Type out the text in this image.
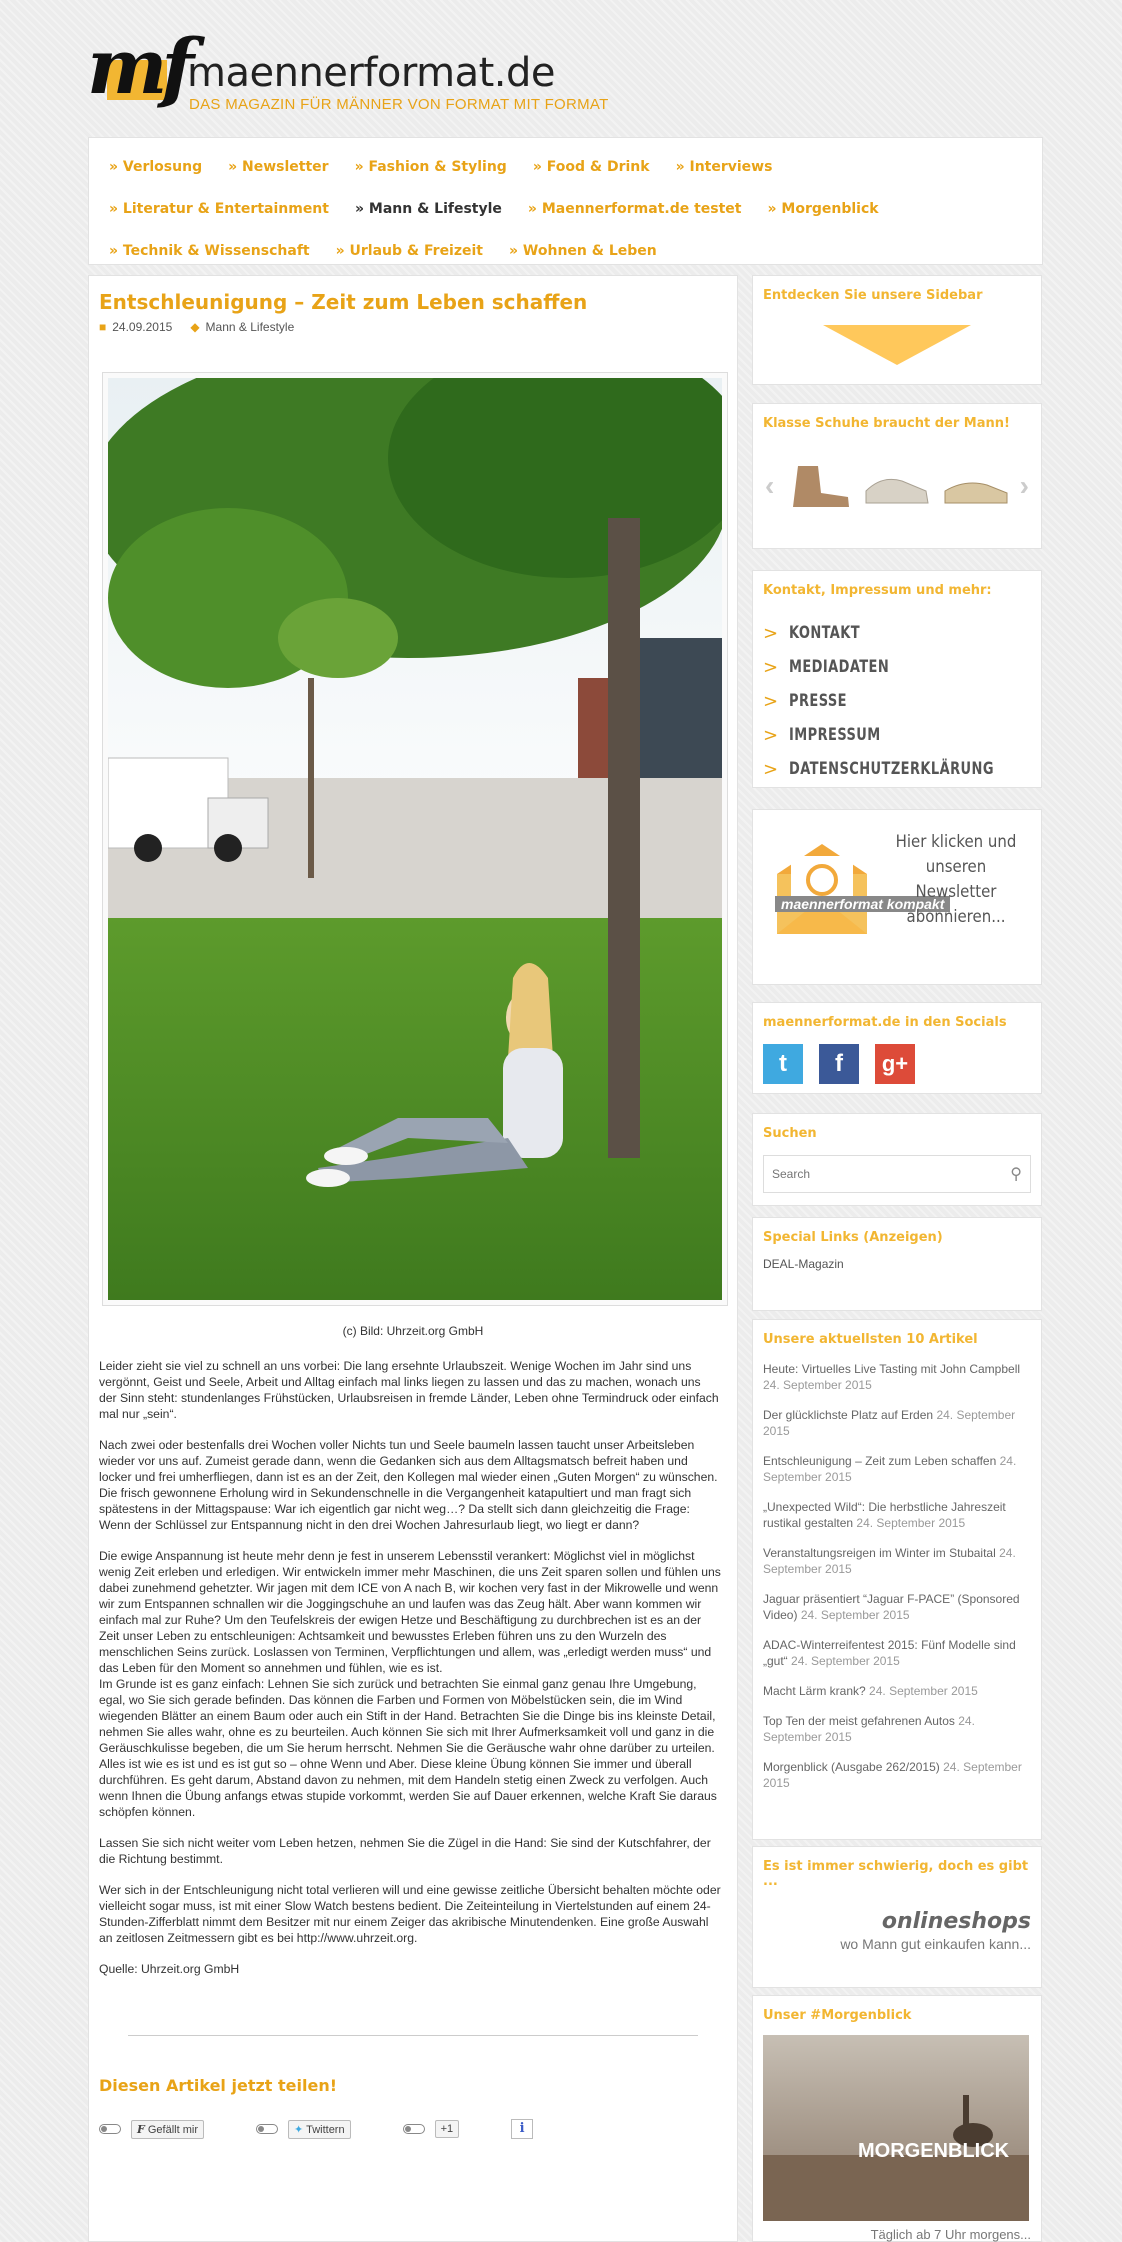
mf
maennerformat.de
DAS MAGAZIN FÜR MÄNNER VON FORMAT MIT FORMAT
» Verlosung » Newsletter » Fashion & Styling » Food & Drink » Interviews
» Literatur & Entertainment » Mann & Lifestyle » Maennerformat.de testet » Morgenblick
» Technik & Wissenschaft » Urlaub & Freizeit » Wohnen & Leben
Entschleunigung – Zeit zum Leben schaffen
■ 24.09.2015 ◆ Mann & Lifestyle
(c) Bild: Uhrzeit.org GmbH

Leider zieht sie viel zu schnell an uns vorbei: Die lang ersehnte Urlaubszeit. Wenige Wochen im Jahr sind uns vergönnt, Geist und Seele, Arbeit und Alltag einfach mal links liegen zu lassen und das zu machen, wonach uns der Sinn steht: stundenlanges Frühstücken, Urlaubsreisen in fremde Länder, Leben ohne Termindruck oder einfach mal nur „sein“.

Nach zwei oder bestenfalls drei Wochen voller Nichts tun und Seele baumeln lassen taucht unser Arbeitsleben wieder vor uns auf. Zumeist gerade dann, wenn die Gedanken sich aus dem Alltagsmatsch befreit haben und locker und frei umherfliegen, dann ist es an der Zeit, den Kollegen mal wieder einen „Guten Morgen“ zu wünschen. Die frisch gewonnene Erholung wird in Sekundenschnelle in die Vergangenheit katapultiert und man fragt sich spätestens in der Mittagspause: War ich eigentlich gar nicht weg…? Da stellt sich dann gleichzeitig die Frage: Wenn der Schlüssel zur Entspannung nicht in den drei Wochen Jahresurlaub liegt, wo liegt er dann?

Die ewige Anspannung ist heute mehr denn je fest in unserem Lebensstil verankert: Möglichst viel in möglichst wenig Zeit erleben und erledigen. Wir entwickeln immer mehr Maschinen, die uns Zeit sparen sollen und fühlen uns dabei zunehmend gehetzter. Wir jagen mit dem ICE von A nach B, wir kochen very fast in der Mikrowelle und wenn wir zum Entspannen schnallen wir die Joggingschuhe an und laufen was das Zeug hält. Aber wann kommen wir einfach mal zur Ruhe? Um den Teufelskreis der ewigen Hetze und Beschäftigung zu durchbrechen ist es an der Zeit unser Leben zu entschleunigen: Achtsamkeit und bewusstes Erleben führen uns zu den Wurzeln des menschlichen Seins zurück. Loslassen von Terminen, Verpflichtungen und allem, was „erledigt werden muss“ und das Leben für den Moment so annehmen und fühlen, wie es ist.

Im Grunde ist es ganz einfach: Lehnen Sie sich zurück und betrachten Sie einmal ganz genau Ihre Umgebung, egal, wo Sie sich gerade befinden. Das können die Farben und Formen von Möbelstücken sein, die im Wind wiegenden Blätter an einem Baum oder auch ein Stift in der Hand. Betrachten Sie die Dinge bis ins kleinste Detail, nehmen Sie alles wahr, ohne es zu beurteilen. Auch können Sie sich mit Ihrer Aufmerksamkeit voll und ganz in die Geräuschkulisse begeben, die um Sie herum herrscht. Nehmen Sie die Geräusche wahr ohne darüber zu urteilen. Alles ist wie es ist und es ist gut so – ohne Wenn und Aber. Diese kleine Übung können Sie immer und überall durchführen. Es geht darum, Abstand davon zu nehmen, mit dem Handeln stetig einen Zweck zu verfolgen. Auch wenn Ihnen die Übung anfangs etwas stupide vorkommt, werden Sie auf Dauer erkennen, welche Kraft Sie daraus schöpfen können.

Lassen Sie sich nicht weiter vom Leben hetzen, nehmen Sie die Zügel in die Hand: Sie sind der Kutschfahrer, der die Richtung bestimmt.

Wer sich in der Entschleunigung nicht total verlieren will und eine gewisse zeitliche Übersicht behalten möchte oder vielleicht sogar muss, ist mit einer Slow Watch bestens bedient. Die Zeiteinteilung in Viertelstunden auf einem 24-Stunden-Zifferblatt nimmt dem Besitzer mit nur einem Zeiger das akribische Minutendenken. Eine große Auswahl an zeitlosen Zeitmessern gibt es bei http://www.uhrzeit.org.

Quelle: Uhrzeit.org GmbH

Diesen Artikel jetzt teilen!
F Gefällt mir	✦ Twittern	+1	i
Entdecken Sie unsere Sidebar
Klasse Schuhe braucht der Mann!
‹	›
Kontakt, Impressum und mehr:
> KONTAKT
> MEDIADATEN
> PRESSE
> IMPRESSUM
> DATENSCHUTZERKLÄRUNG
maennerformat kompakt
Hier klicken und
unseren Newsletter
abonnieren...
maennerformat.de in den Socials
t	f	g+
Suchen
Search
⚲
Special Links (Anzeigen)
DEAL-Magazin
Unsere aktuellsten 10 Artikel
Heute: Virtuelles Live Tasting mit John Campbell 24. September 2015
Der glücklichste Platz auf Erden 24. September 2015
Entschleunigung – Zeit zum Leben schaffen 24. September 2015
„Unexpected Wild“: Die herbstliche Jahreszeit rustikal gestalten 24. September 2015
Veranstaltungsreigen im Winter im Stubaital 24. September 2015
Jaguar präsentiert “Jaguar F-PACE” (Sponsored Video) 24. September 2015
ADAC-Winterreifentest 2015: Fünf Modelle sind „gut“ 24. September 2015
Macht Lärm krank? 24. September 2015
Top Ten der meist gefahrenen Autos 24. September 2015
Morgenblick (Ausgabe 262/2015) 24. September 2015
Es ist immer schwierig, doch es gibt ...
onlineshops
wo Mann gut einkaufen kann...
Unser #Morgenblick
MORGENBLICK
Täglich ab 7 Uhr morgens...
